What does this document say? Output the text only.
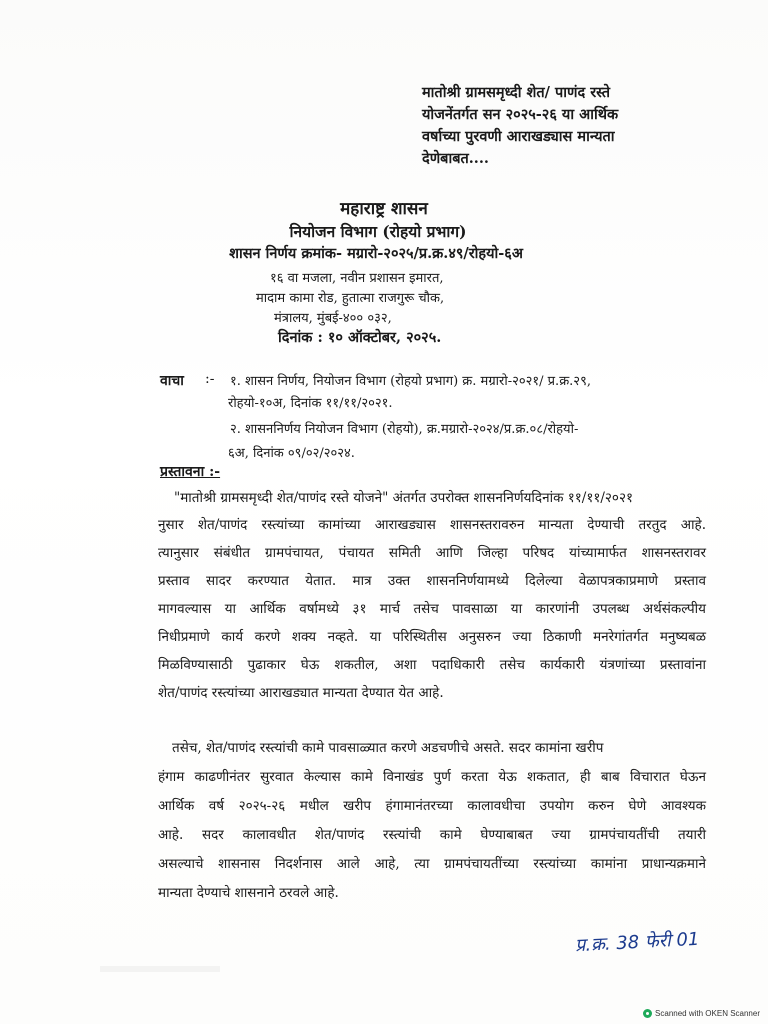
मातोश्री ग्रामसमृध्दी शेत/ पाणंद रस्ते
योजनेंतर्गत सन २०२५-२६ या आर्थिक
वर्षाच्या पुरवणी आराखड्यास मान्यता
देणेबाबत....
महाराष्ट्र शासन
नियोजन विभाग (रोहयो प्रभाग)
शासन निर्णय क्रमांक- मग्रारो-२०२५/प्र.क्र.४९/रोहयो-६अ
१६ वा मजला, नवीन प्रशासन इमारत,
मादाम कामा रोड, हुतात्मा राजगुरू चौक,
मंत्रालय, मुंबई-४०० ०३२,
दिनांक : १० ऑक्टोबर, २०२५.
वाचा :- १. शासन निर्णय, नियोजन विभाग (रोहयो प्रभाग) क्र. मग्रारो-२०२१/ प्र.क्र.२९,
रोहयो-१०अ, दिनांक ११/११/२०२१.
२. शासननिर्णय नियोजन विभाग (रोहयो), क्र.मग्रारो-२०२४/प्र.क्र.०८/रोहयो-
६अ, दिनांक ०९/०२/२०२४.
प्रस्तावना :-
"मातोश्री ग्रामसमृध्दी शेत/पाणंद रस्ते योजने" अंतर्गत उपरोक्त शासननिर्णयदिनांक ११/११/२०२१
नुसार शेत/पाणंद रस्त्यांच्या कामांच्या आराखड्यास शासनस्तरावरुन मान्यता देण्याची तरतुद आहे.
त्यानुसार संबंधीत ग्रामपंचायत, पंचायत समिती आणि जिल्हा परिषद यांच्यामार्फत शासनस्तरावर
प्रस्ताव सादर करण्यात येतात. मात्र उक्त शासननिर्णयामध्ये दिलेल्या वेळापत्रकाप्रमाणे प्रस्ताव
मागवल्यास या आर्थिक वर्षामध्ये ३१ मार्च तसेच पावसाळा या कारणांनी उपलब्ध अर्थसंकल्पीय
निधीप्रमाणे कार्य करणे शक्य नव्हते. या परिस्थितीस अनुसरुन ज्या ठिकाणी मनरेगांतर्गत मनुष्यबळ
मिळविण्यासाठी पुढाकार घेऊ शकतील, अशा पदाधिकारी तसेच कार्यकारी यंत्रणांच्या प्रस्तावांना
शेत/पाणंद रस्त्यांच्या आराखड्यात मान्यता देण्यात येत आहे.
तसेच, शेत/पाणंद रस्त्यांची कामे पावसाळ्यात करणे अडचणीचे असते. सदर कामांना खरीप
हंगाम काढणीनंतर सुरवात केल्यास कामे विनाखंड पुर्ण करता येऊ शकतात, ही बाब विचारात घेऊन
आर्थिक वर्ष २०२५-२६ मधील खरीप हंगामानंतरच्या कालावधीचा उपयोग करुन घेणे आवश्यक
आहे. सदर कालावधीत शेत/पाणंद रस्त्यांची कामे घेण्याबाबत ज्या ग्रामपंचायतींची तयारी
असल्याचे शासनास निदर्शनास आले आहे, त्या ग्रामपंचायतींच्या रस्त्यांच्या कामांना प्राधान्यक्रमाने
मान्यता देण्याचे शासनाने ठरवले आहे.
प्र.क्र. 38 फेरी 01
Scanned with OKEN Scanner
